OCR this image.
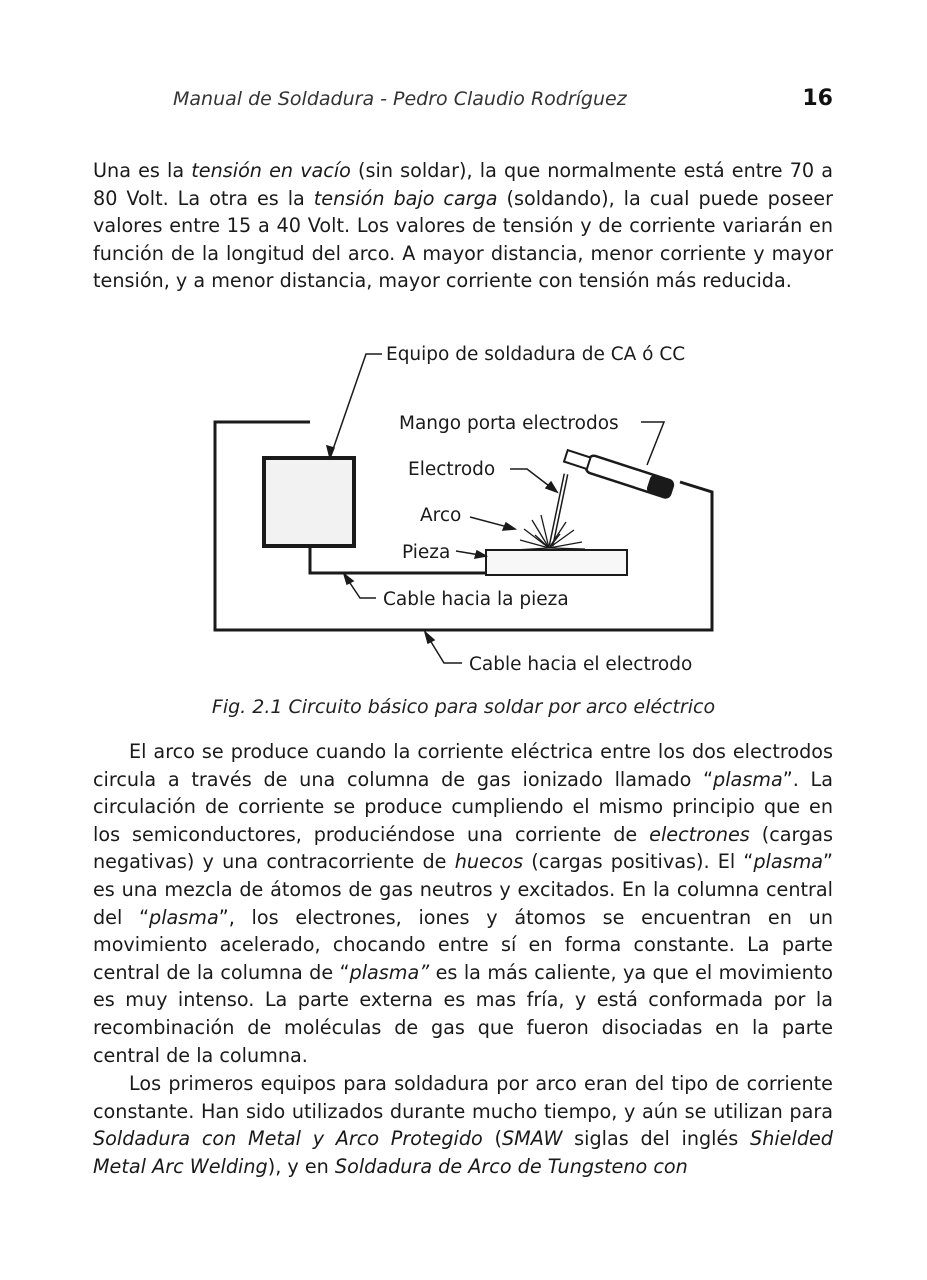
Manual de Soldadura - Pedro Claudio Rodríguez	16

Una es la tensión en vacío (sin soldar), la que normalmente está entre 70 a 80 Volt. La otra es la tensión bajo carga (soldando), la cual puede poseer valores entre 15 a 40 Volt. Los valores de tensión y de corriente variarán en función de la longitud del arco. A mayor distancia, menor corriente y mayor tensión, y a menor distancia, mayor corriente con tensión más reducida.

Equipo de soldadura de CA ó CC
Mango porta electrodos
Electrodo
Arco
Pieza
Cable hacia la pieza
Cable hacia el electrodo
Fig. 2.1 Circuito básico para soldar por arco eléctrico

El arco se produce cuando la corriente eléctrica entre los dos electrodos circula a través de una columna de gas ionizado llamado “plasma”. La circulación de corriente se produce cumpliendo el mismo principio que en los semiconductores, produciéndose una corriente de electrones (cargas negativas) y una contracorriente de huecos (cargas positivas). El “plasma” es una mezcla de átomos de gas neutros y excitados. En la columna central del “plasma”, los electrones, iones y átomos se encuentran en un movimiento acelerado, chocando entre sí en forma constante. La parte central de la columna de “plasma” es la más caliente, ya que el movimiento es muy intenso. La parte externa es mas fría, y está conformada por la recombinación de moléculas de gas que fueron disociadas en la parte central de la columna.

Los primeros equipos para soldadura por arco eran del tipo de corriente constante. Han sido utilizados durante mucho tiempo, y aún se utilizan para Soldadura con Metal y Arco Protegido (SMAW siglas del inglés Shielded Metal Arc Welding), y en Soldadura de Arco de Tungsteno con
